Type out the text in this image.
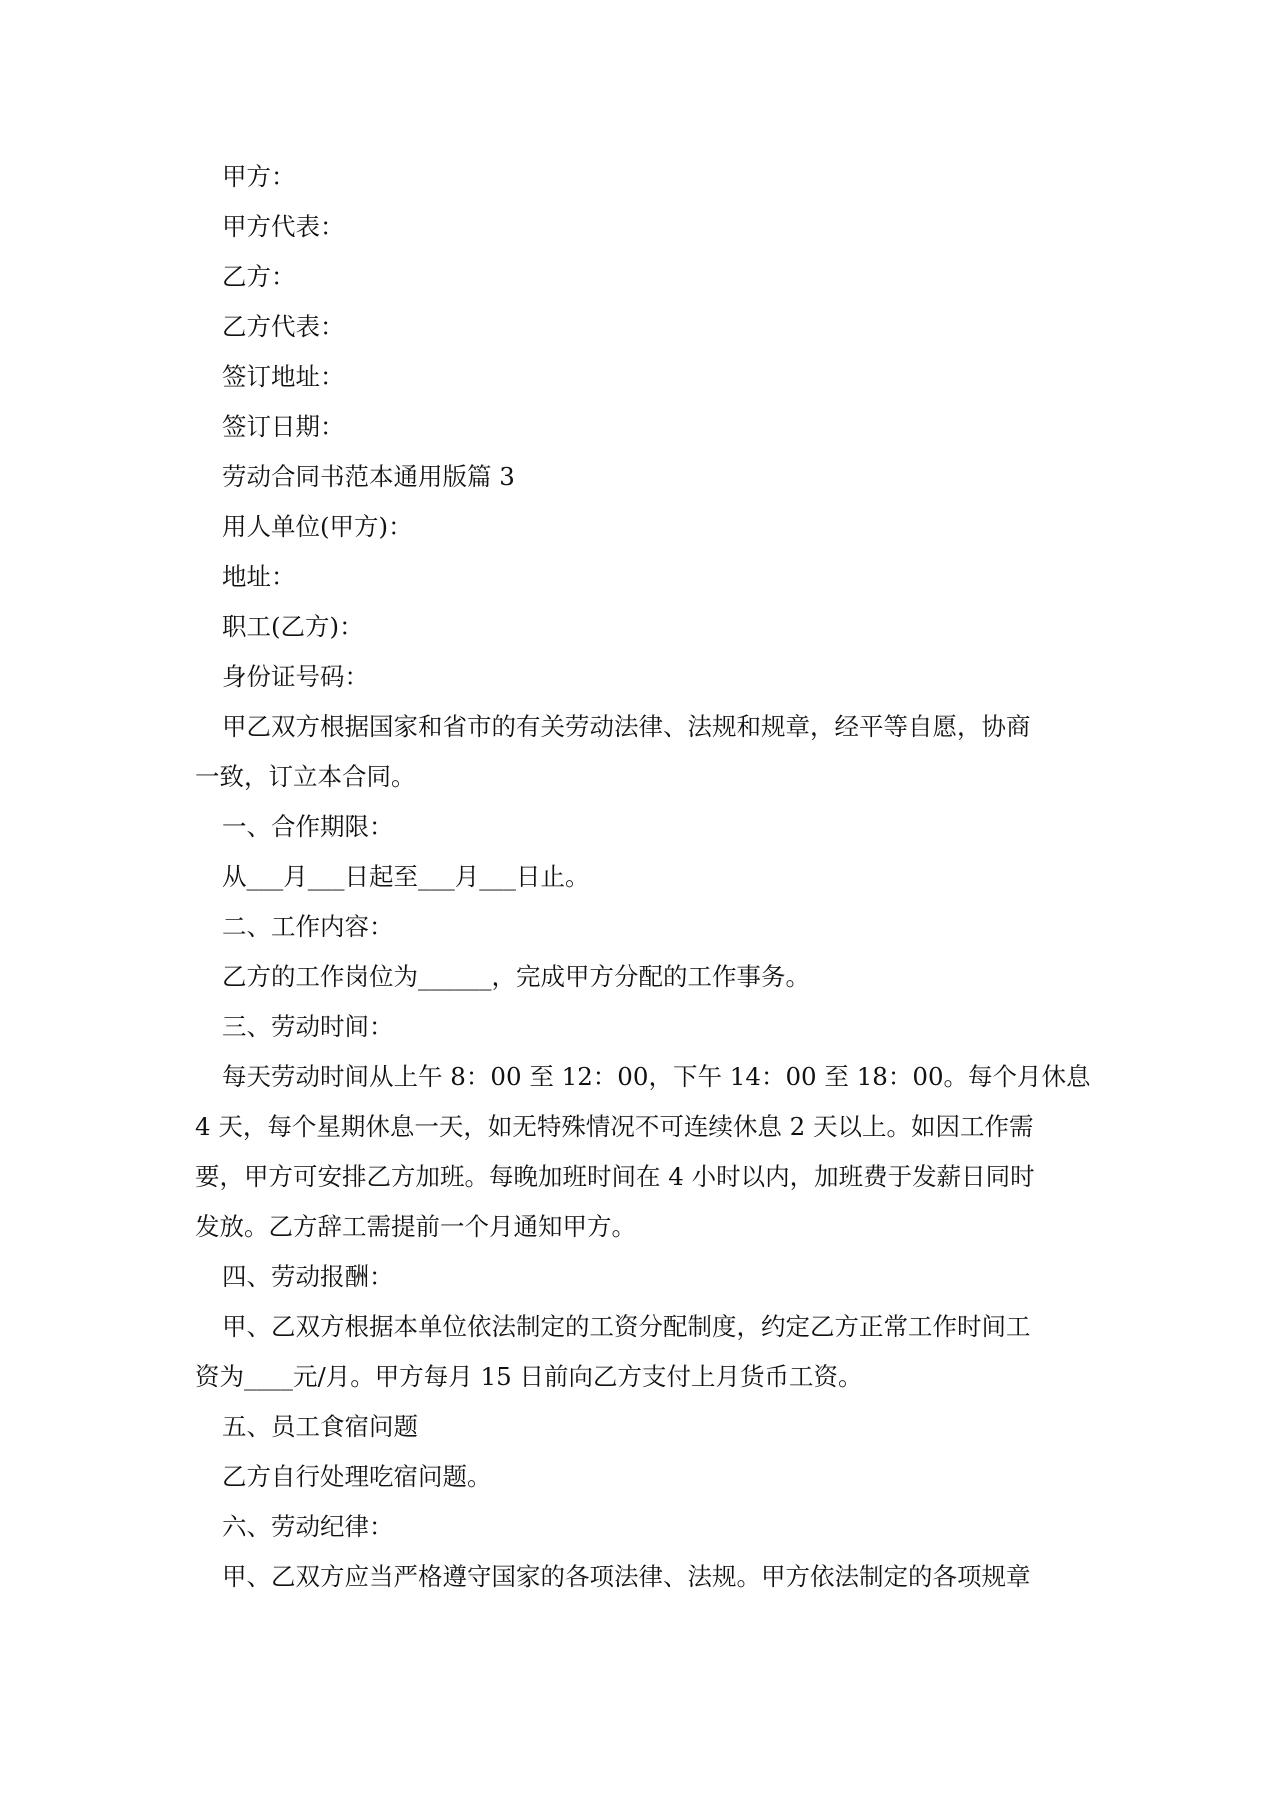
甲方：

甲方代表：

乙方：

乙方代表：

签订地址：

签订日期：

劳动合同书范本通用版篇 3

用人单位(甲方)：

地址：

职工(乙方)：

身份证号码：

甲乙双方根据国家和省市的有关劳动法律、法规和规章，经平等自愿，协商

一致，订立本合同。

一、合作期限：

从___月___日起至___月___日止。

二、工作内容：

乙方的工作岗位为______，完成甲方分配的工作事务。

三、劳动时间：

每天劳动时间从上午 8：00 至 12：00，下午 14：00 至 18：00。每个月休息

4 天，每个星期休息一天，如无特殊情况不可连续休息 2 天以上。如因工作需

要，甲方可安排乙方加班。每晚加班时间在 4 小时以内，加班费于发薪日同时

发放。乙方辞工需提前一个月通知甲方。

四、劳动报酬：

甲、乙双方根据本单位依法制定的工资分配制度，约定乙方正常工作时间工

资为____元/月。甲方每月 15 日前向乙方支付上月货币工资。

五、员工食宿问题

乙方自行处理吃宿问题。

六、劳动纪律：

甲、乙双方应当严格遵守国家的各项法律、法规。甲方依法制定的各项规章
